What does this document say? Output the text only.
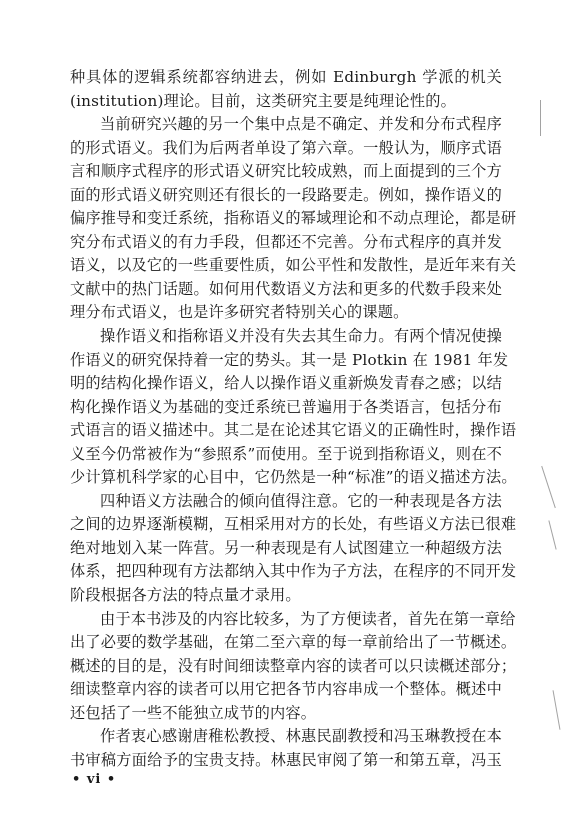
种具体的逻辑系统都容纳进去，例如 Edinburgh 学派的机关
(institution)理论。目前，这类研究主要是纯理论性的。
当前研究兴趣的另一个集中点是不确定、并发和分布式程序
的形式语义。我们为后两者单设了第六章。一般认为，顺序式语
言和顺序式程序的形式语义研究比较成熟，而上面提到的三个方
面的形式语义研究则还有很长的一段路要走。例如，操作语义的
偏序推导和变迁系统，指称语义的幂域理论和不动点理论，都是研
究分布式语义的有力手段，但都还不完善。分布式程序的真并发
语义，以及它的一些重要性质，如公平性和发散性，是近年来有关
文献中的热门话题。如何用代数语义方法和更多的代数手段来处
理分布式语义，也是许多研究者特别关心的课题。
操作语义和指称语义并没有失去其生命力。有两个情况使操
作语义的研究保持着一定的势头。其一是 Plotkin 在 1981 年发
明的结构化操作语义，给人以操作语义重新焕发青春之感；以结
构化操作语义为基础的变迁系统已普遍用于各类语言，包括分布
式语言的语义描述中。其二是在论述其它语义的正确性时，操作语
义至今仍常被作为“参照系”而使用。至于说到指称语义，则在不
少计算机科学家的心目中，它仍然是一种“标准”的语义描述方法。
四种语义方法融合的倾向值得注意。它的一种表现是各方法
之间的边界逐渐模糊，互相采用对方的长处，有些语义方法已很难
绝对地划入某一阵营。另一种表现是有人试图建立一种超级方法
体系，把四种现有方法都纳入其中作为子方法，在程序的不同开发
阶段根据各方法的特点量才录用。
由于本书涉及的内容比较多，为了方便读者，首先在第一章给
出了必要的数学基础，在第二至六章的每一章前给出了一节概述。
概述的目的是，没有时间细读整章内容的读者可以只读概述部分；
细读整章内容的读者可以用它把各节内容串成一个整体。概述中
还包括了一些不能独立成节的内容。
作者衷心感谢唐稚松教授、林惠民副教授和冯玉琳教授在本
书审稿方面给予的宝贵支持。林惠民审阅了第一和第五章，冯玉
• vi •
